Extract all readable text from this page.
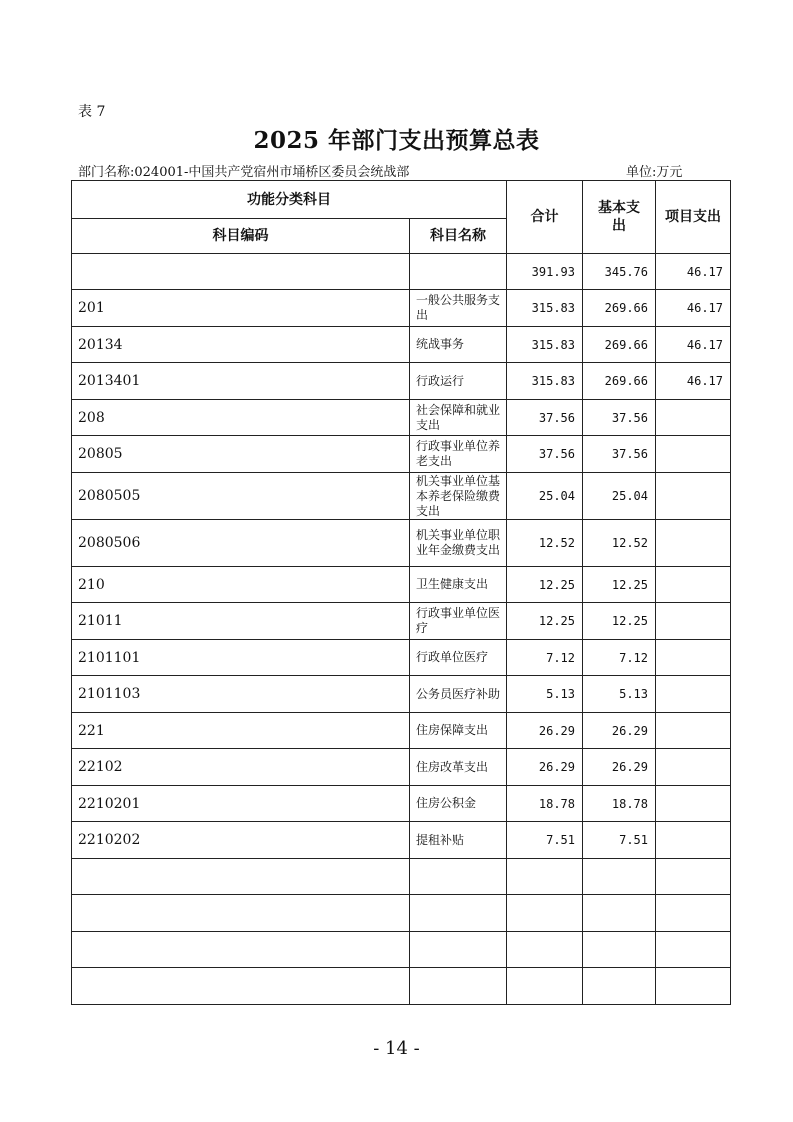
表 7
2025 年部门支出预算总表
部门名称:024001-中国共产党宿州市埇桥区委员会统战部	单位:万元
功能分类科目		合计	基本支出	项目支出
科目编码	科目名称			
		391.93	345.76	46.17
201	一般公共服务支出	315.83	269.66	46.17
20134	统战事务	315.83	269.66	46.17
2013401	行政运行	315.83	269.66	46.17
208	社会保障和就业支出	37.56	37.56	
20805	行政事业单位养老支出	37.56	37.56	
2080505	机关事业单位基本养老保险缴费支出	25.04	25.04	
2080506	机关事业单位职业年金缴费支出	12.52	12.52	
210	卫生健康支出	12.25	12.25	
21011	行政事业单位医疗	12.25	12.25	
2101101	行政单位医疗	7.12	7.12	
2101103	公务员医疗补助	5.13	5.13	
221	住房保障支出	26.29	26.29	
22102	住房改革支出	26.29	26.29	
2210201	住房公积金	18.78	18.78	
2210202	提租补贴	7.51	7.51	

- 14 -
